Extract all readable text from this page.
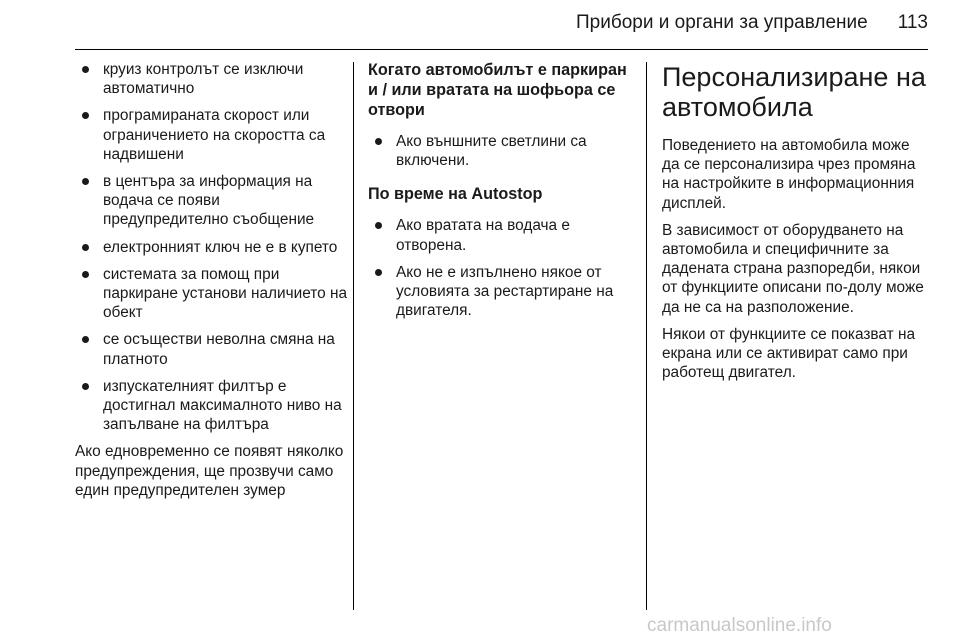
Прибори и органи за управление 113
круиз контролът се изключи автоматично
програмираната скорост или ограничението на скоростта са надвишени
в центъра за информация на водача се появи предупредително съобщение
електронният ключ не е в купето
системата за помощ при паркиране установи наличието на обект
се осъществи неволна смяна на платното
изпускателният филтър е достигнал максималното ниво на запълване на филтъра

Ако едновременно се появят няколко предупреждения, ще прозвучи само един предупредителен зумер

Когато автомобилът е паркиран и / или вратата на шофьора се отвори
Ако външните светлини са включени.
По време на Autostop
Ако вратата на водача е отворена.
Ако не е изпълнено някое от условията за рестартиране на двигателя.
Персонализиране на автомобила

Поведението на автомобила може да се персонализира чрез промяна на настройките в информационния дисплей.

В зависимост от оборудването на автомобила и специфичните за дадената страна разпоредби, някои от функциите описани по-долу може да не са на разположение.

Някои от функциите се показват на екрана или се активират само при работещ двигател.

carmanualsonline.info
